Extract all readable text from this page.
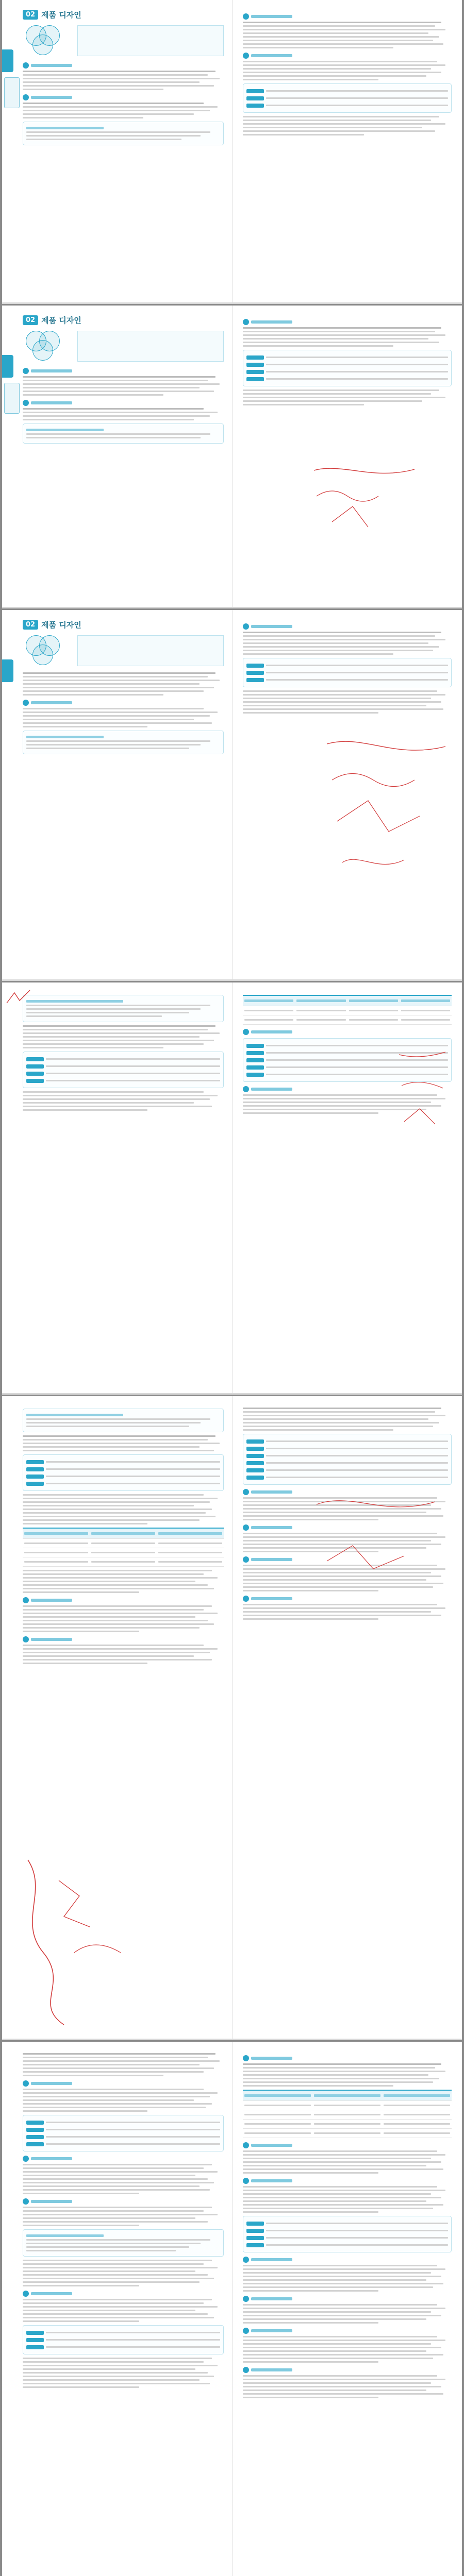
02 제품 디자인
02 제품 디자인
02 제품 디자인
